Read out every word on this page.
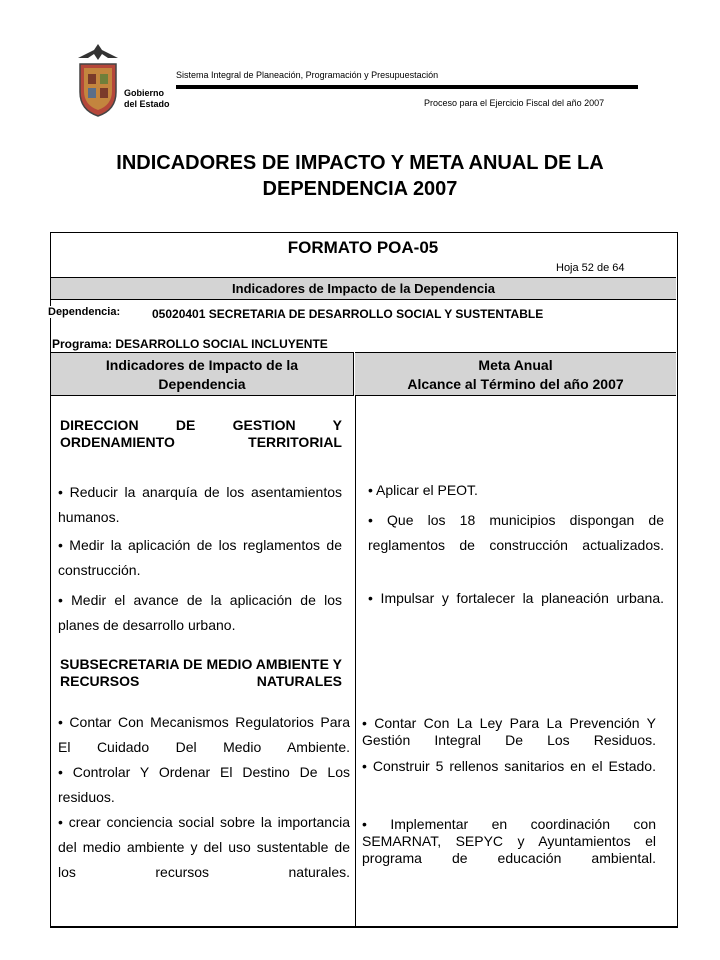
Gobierno
del Estado
Sistema Integral de Planeación, Programación y Presupuestación
Proceso para el Ejercicio Fiscal del año 2007
INDICADORES DE IMPACTO Y META ANUAL DE LA
DEPENDENCIA 2007
FORMATO POA-05
Hoja 52 de 64
Indicadores de Impacto de la Dependencia
Dependencia:	05020401 SECRETARIA DE DESARROLLO SOCIAL Y SUSTENTABLE
Programa: DESARROLLO SOCIAL INCLUYENTE
Indicadores de Impacto de la
Dependencia
Meta Anual
Alcance al Término del año 2007
DIRECCION DE GESTION Y ORDENAMIENTO TERRITORIAL
• Reducir la anarquía de los asentamientos humanos.
• Medir la aplicación de los reglamentos de construcción.
• Medir el avance de la aplicación de los planes de desarrollo urbano.
• Aplicar el PEOT.
• Que los 18 municipios dispongan de reglamentos de construcción actualizados.
• Impulsar y fortalecer la planeación urbana.
SUBSECRETARIA DE MEDIO AMBIENTE Y RECURSOS NATURALES
• Contar Con Mecanismos Regulatorios Para El Cuidado Del Medio Ambiente.
• Controlar Y Ordenar El Destino De Los residuos.
• crear conciencia social sobre la importancia del medio ambiente y del uso sustentable de los recursos naturales.
• Contar Con La Ley Para La Prevención Y Gestión Integral De Los Residuos.
• Construir 5 rellenos sanitarios en el Estado.
• Implementar en coordinación con SEMARNAT, SEPYC y Ayuntamientos el programa de educación ambiental.
